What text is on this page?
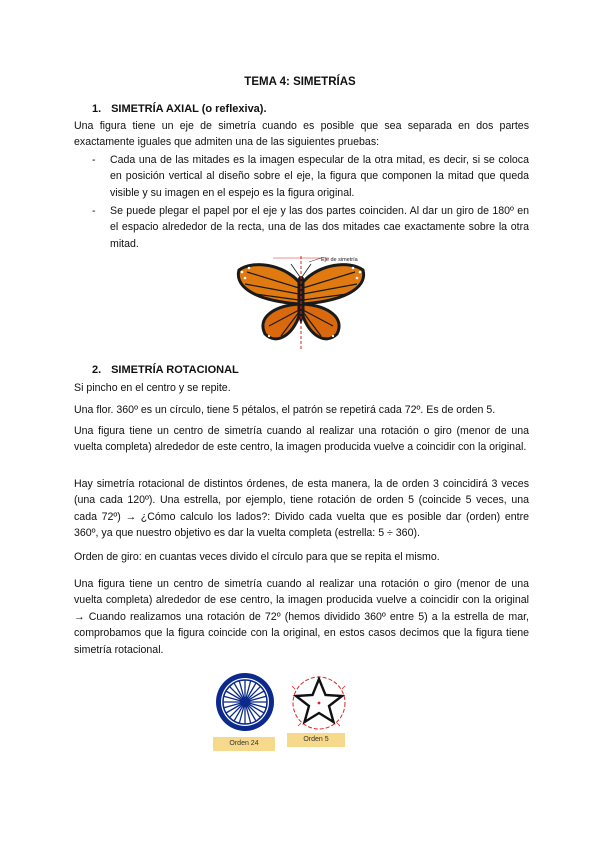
TEMA 4: SIMETRÍAS
1. SIMETRÍA AXIAL (o reflexiva).
Una figura tiene un eje de simetría cuando es posible que sea separada en dos partes exactamente iguales que admiten una de las siguientes pruebas:
- Cada una de las mitades es la imagen especular de la otra mitad, es decir, si se coloca en posición vertical al diseño sobre el eje, la figura que componen la mitad que queda visible y su imagen en el espejo es la figura original.
- Se puede plegar el papel por el eje y las dos partes coinciden. Al dar un giro de 180º en el espacio alrededor de la recta, una de las dos mitades cae exactamente sobre la otra mitad.
Eje de simetría
2. SIMETRÍA ROTACIONAL
Si pincho en el centro y se repite.
Una flor. 360º es un círculo, tiene 5 pétalos, el patrón se repetirá cada 72º. Es de orden 5.
Una figura tiene un centro de simetría cuando al realizar una rotación o giro (menor de una vuelta completa) alrededor de este centro, la imagen producida vuelve a coincidir con la original.
Hay simetría rotacional de distintos órdenes, de esta manera, la de orden 3 coincidirá 3 veces (una cada 120º). Una estrella, por ejemplo, tiene rotación de orden 5 (coincide 5 veces, una cada 72º) → ¿Cómo calculo los lados?: Divido cada vuelta que es posible dar (orden) entre 360º, ya que nuestro objetivo es dar la vuelta completa (estrella: 5 ÷ 360).
Orden de giro: en cuantas veces divido el círculo para que se repita el mismo.
Una figura tiene un centro de simetría cuando al realizar una rotación o giro (menor de una vuelta completa) alrededor de ese centro, la imagen producida vuelve a coincidir con la original → Cuando realizamos una rotación de 72º (hemos dividido 360º entre 5) a la estrella de mar, comprobamos que la figura coincide con la original, en estos casos decimos que la figura tiene simetría rotacional.
Orden 24
Orden 5
